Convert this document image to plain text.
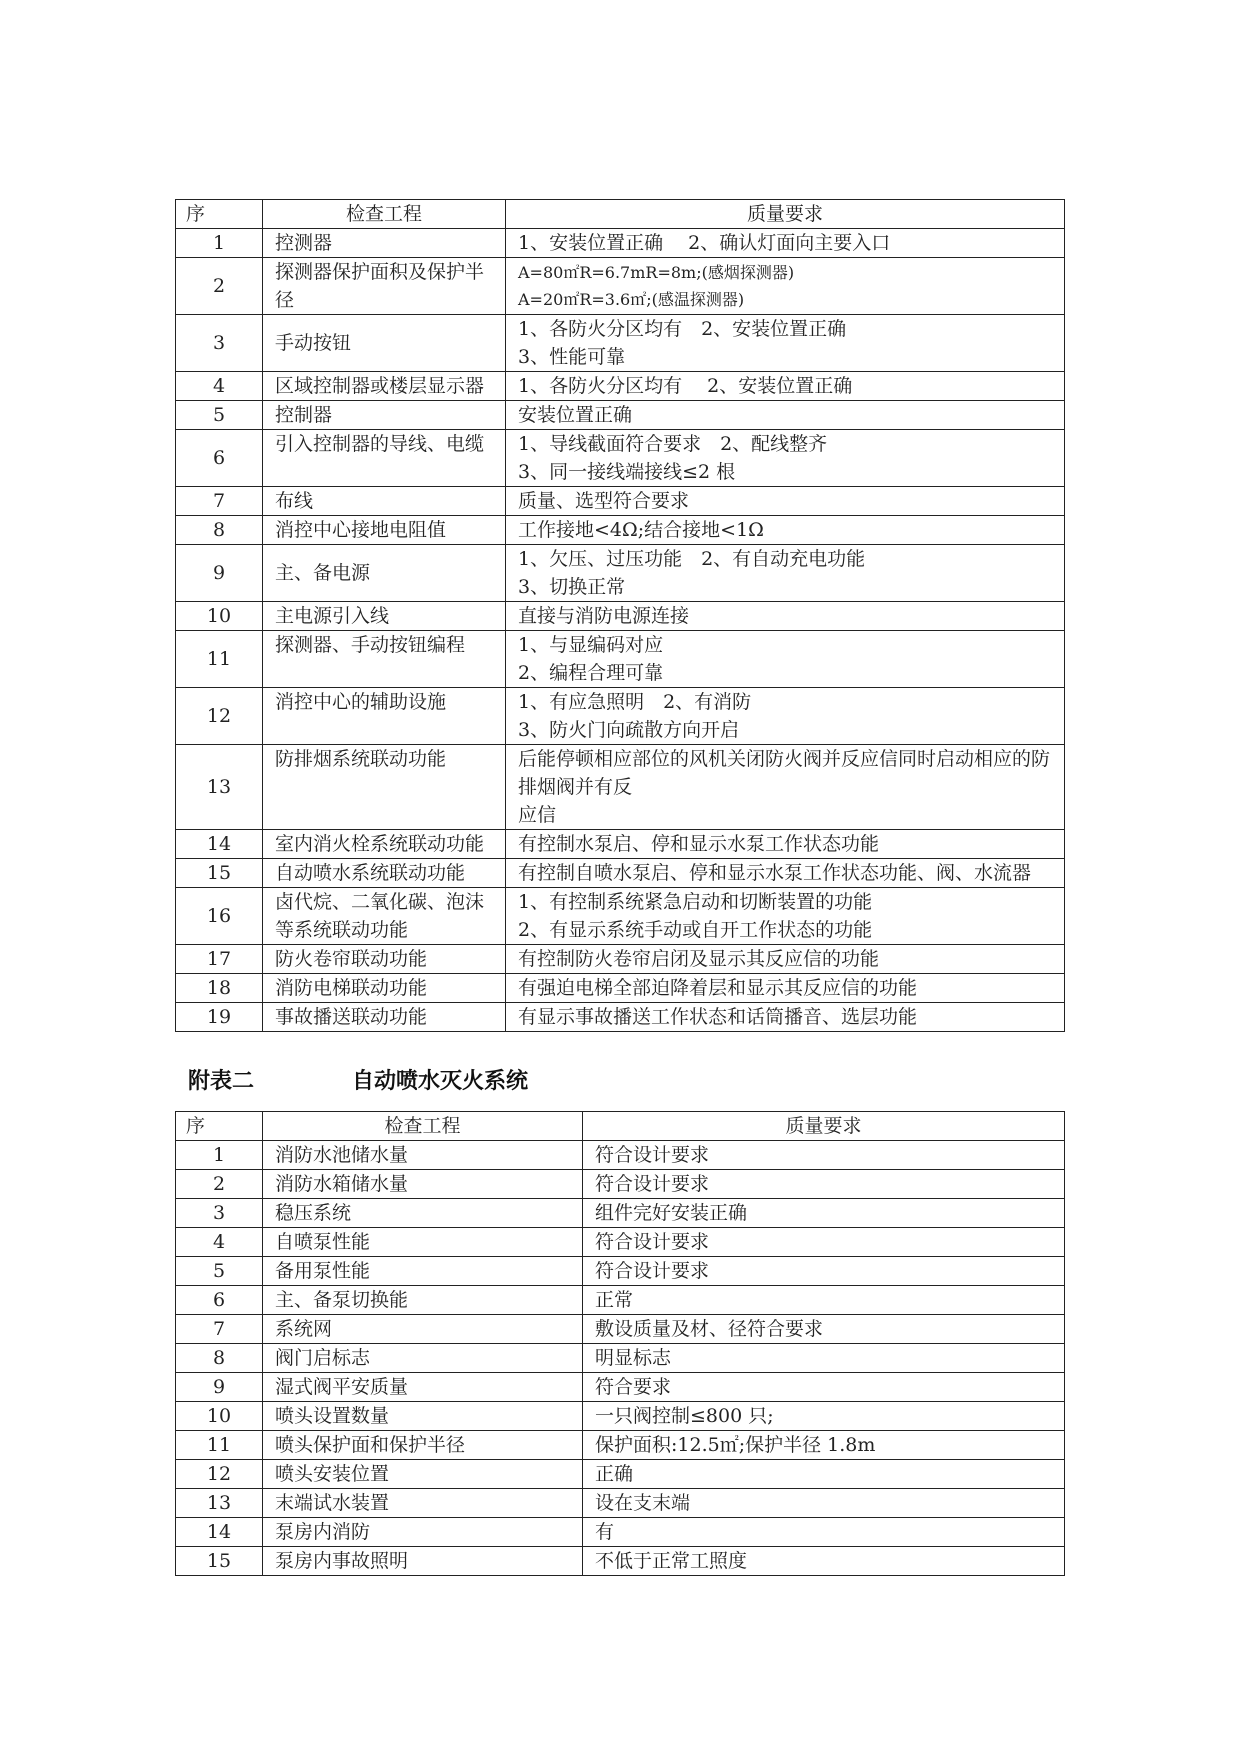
序	检查工程	质量要求
1	控测器	1、安装位置正确　 2、确认灯面向主要入口

2	探测器保护面积及保护半径	A=80㎡R=6.7mR=8m;(感烟探测器)
A=20㎡R=3.6㎡;(感温探测器)

3	手动按钮	1、各防火分区均有　2、安装位置正确
3、性能可靠

4	区域控制器或楼层显示器	1、各防火分区均有　 2、安装位置正确

5	控制器	安装位置正确

6	引入控制器的导线、电缆	1、导线截面符合要求　2、配线整齐
3、同一接线端接线≤2 根

7	布线	质量、选型符合要求

8	消控中心接地电阻值	工作接地<4Ω;结合接地<1Ω

9	主、备电源	1、欠压、过压功能　2、有自动充电功能
3、切换正常

10	主电源引入线	直接与消防电源连接

11	探测器、手动按钮编程	1、与显编码对应
2、编程合理可靠

12	消控中心的辅助设施	1、有应急照明　2、有消防
3、防火门向疏散方向开启

13	防排烟系统联动功能	后能停顿相应部位的风机关闭防火阀并反应信同时启动相应的防排烟阀并有反
应信

14	室内消火栓系统联动功能	有控制水泵启、停和显示水泵工作状态功能

15	自动喷水系统联动功能	有控制自喷水泵启、停和显示水泵工作状态功能、阀、水流器

16	卤代烷、二氧化碳、泡沫等系统联动功能	1、有控制系统紧急启动和切断装置的功能
2、有显示系统手动或自开工作状态的功能

17	防火卷帘联动功能	有控制防火卷帘启闭及显示其反应信的功能

18	消防电梯联动功能	有强迫电梯全部迫降着层和显示其反应信的功能

19	事故播送联动功能	有显示事故播送工作状态和话筒播音、选层功能
附表二	自动喷水灭火系统
序	检查工程	质量要求
1	消防水池储水量	符合设计要求
2	消防水箱储水量	符合设计要求
3	稳压系统	组件完好安装正确
4	自喷泵性能	符合设计要求
5	备用泵性能	符合设计要求
6	主、备泵切换能	正常
7	系统网	敷设质量及材、径符合要求
8	阀门启标志	明显标志
9	湿式阀平安质量	符合要求
10	喷头设置数量	一只阀控制≤800 只;
11	喷头保护面和保护半径	保护面积:12.5㎡;保护半径 1.8m
12	喷头安装位置	正确
13	末端试水装置	设在支末端
14	泵房内消防	有
15	泵房内事故照明	不低于正常工照度
